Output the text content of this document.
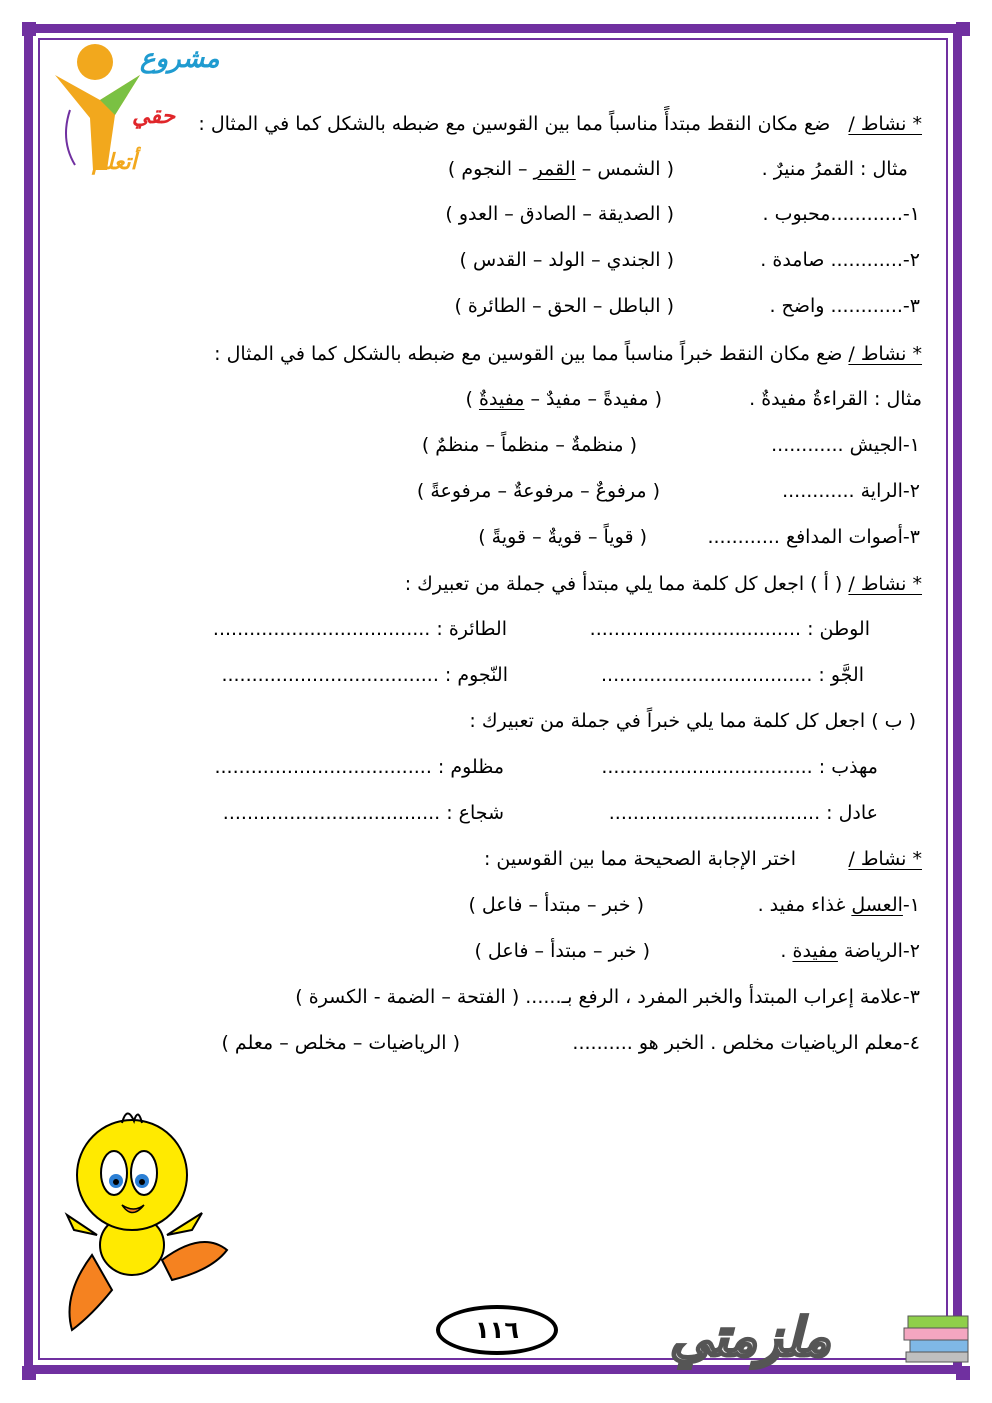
مشروع
حقي
أتعلم
* نشاط /   ضع مكان النقط مبتدأً مناسباً مما بين القوسين مع ضبطه بالشكل كما في المثال :
مثال : القمرُ منيرٌ .
( الشمس – القمر – النجوم )
١-............محبوب .
( الصديقة – الصادق – العدو )
٢-............ صامدة .
( الجندي – الولد – القدس )
٣-............ واضح .
( الباطل – الحق – الطائرة )
* نشاط / ضع مكان النقط خبراً مناسباً مما بين القوسين مع ضبطه بالشكل كما في المثال :
مثال : القراءةُ مفيدةٌ .
( مفيدةً – مفيدٌ – مفيدةٌ )
١-الجيش ............
( منظمةٌ – منظماً – منظمٌ )
٢-الراية ............
( مرفوعٌ – مرفوعةٌ – مرفوعةً )
٣-أصوات المدافع ............
( قوياً – قويةٌ – قويةً )
* نشاط / ( أ ) اجعل كل كلمة مما يلي مبتدأ في جملة من تعبيرك :
الوطن : ...................................
الطائرة : ....................................
الجَّو : ...................................
النّجوم : ....................................
( ب ) اجعل كل كلمة مما يلي خبراً في جملة من تعبيرك :
مهذب : ...................................
مظلوم : ....................................
عادل : ...................................
شجاع : ....................................
* نشاط /
اختر الإجابة الصحيحة مما بين القوسين :
١-العسل غذاء مفيد .
( خبر – مبتدأ – فاعل )
٢-الرياضة مفيدة .
( خبر – مبتدأ – فاعل )
٣-علامة إعراب المبتدأ والخبر المفرد ، الرفع بـ...... ( الفتحة – الضمة - الكسرة )
٤-معلم الرياضيات مخلص . الخبر هو ..........
( الرياضيات – مخلص – معلم )
١١٦	ملزمتي
